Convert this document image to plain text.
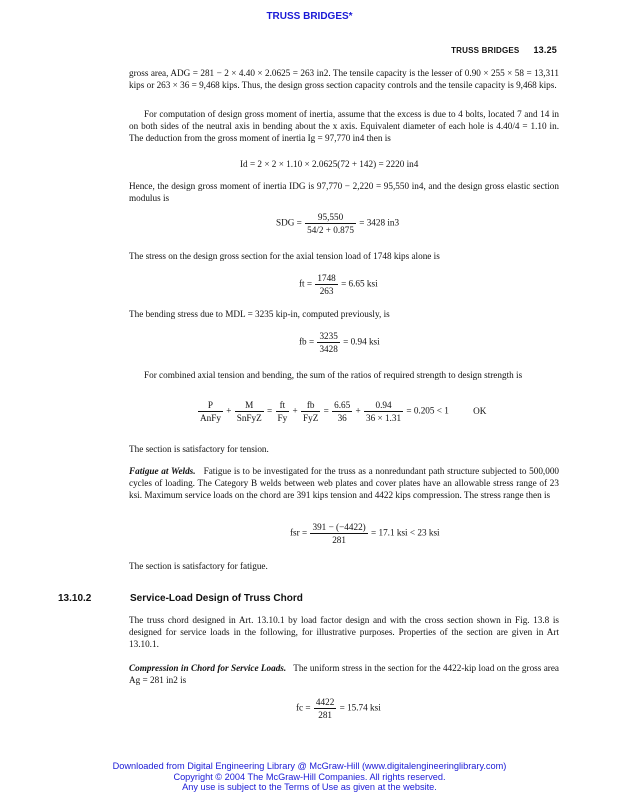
TRUSS BRIDGES*
TRUSS BRIDGES 13.25
gross area, ADG = 281 − 2 × 4.40 × 2.0625 = 263 in2. The tensile capacity is the lesser of 0.90 × 255 × 58 = 13,311 kips or 263 × 36 = 9,468 kips. Thus, the design gross section capacity controls and the tensile capacity is 9,468 kips.
For computation of design gross moment of inertia, assume that the excess is due to 4 bolts, located 7 and 14 in on both sides of the neutral axis in bending about the x axis. Equivalent diameter of each hole is 4.40/4 = 1.10 in. The deduction from the gross moment of inertia Ig = 97,770 in4 then is
Id = 2 × 2 × 1.10 × 2.0625(72 + 142) = 2220 in4
Hence, the design gross moment of inertia IDG is 97,770 − 2,220 = 95,550 in4, and the design gross elastic section modulus is
SDG = $\frac{95,550}{54/2 + 0.875} = 3428$ in3
The stress on the design gross section for the axial tension load of 1748 kips alone is
ft = $\frac{1748}{263} = 6.65$ ksi
The bending stress due to MDL = 3235 kip-in, computed previously, is
fb = $\frac{3235}{3428} = 0.94$ ksi
For combined axial tension and bending, the sum of the ratios of required strength to design strength is
$\frac{P}{\text{AnFy}} + \frac{M}{\text{SnFyZ}} = \frac{ft}{Fy} + \frac{fb}{\text{FyZ}} = \frac{6.65}{36} + \frac{0.94}{36 \times 1.31} = 0.205 < 1$	OK
The section is satisfactory for tension.
Fatigue at Welds. Fatigue is to be investigated for the truss as a nonredundant path structure subjected to 500,000 cycles of loading. The Category B welds between web plates and cover plates have an allowable stress range of 23 ksi. Maximum service loads on the chord are 391 kips tension and 4422 kips compression. The stress range then is
fsr = $\frac{391 - (-4422)}{281} = 17.1$ ksi < 23 ksi
The section is satisfactory for fatigue.
13.10.2	Service-Load Design of Truss Chord
The truss chord designed in Art. 13.10.1 by load factor design and with the cross section shown in Fig. 13.8 is designed for service loads in the following, for illustrative purposes. Properties of the section are given in Art 13.10.1.
Compression in Chord for Service Loads. The uniform stress in the section for the 4422-kip load on the gross area Ag = 281 in2 is
fc = $\frac{4422}{281} = 15.74$ ksi
Downloaded from Digital Engineering Library @ McGraw-Hill (www.digitalengineeringlibrary.com)
Copyright © 2004 The McGraw-Hill Companies. All rights reserved.
Any use is subject to the Terms of Use as given at the website.
